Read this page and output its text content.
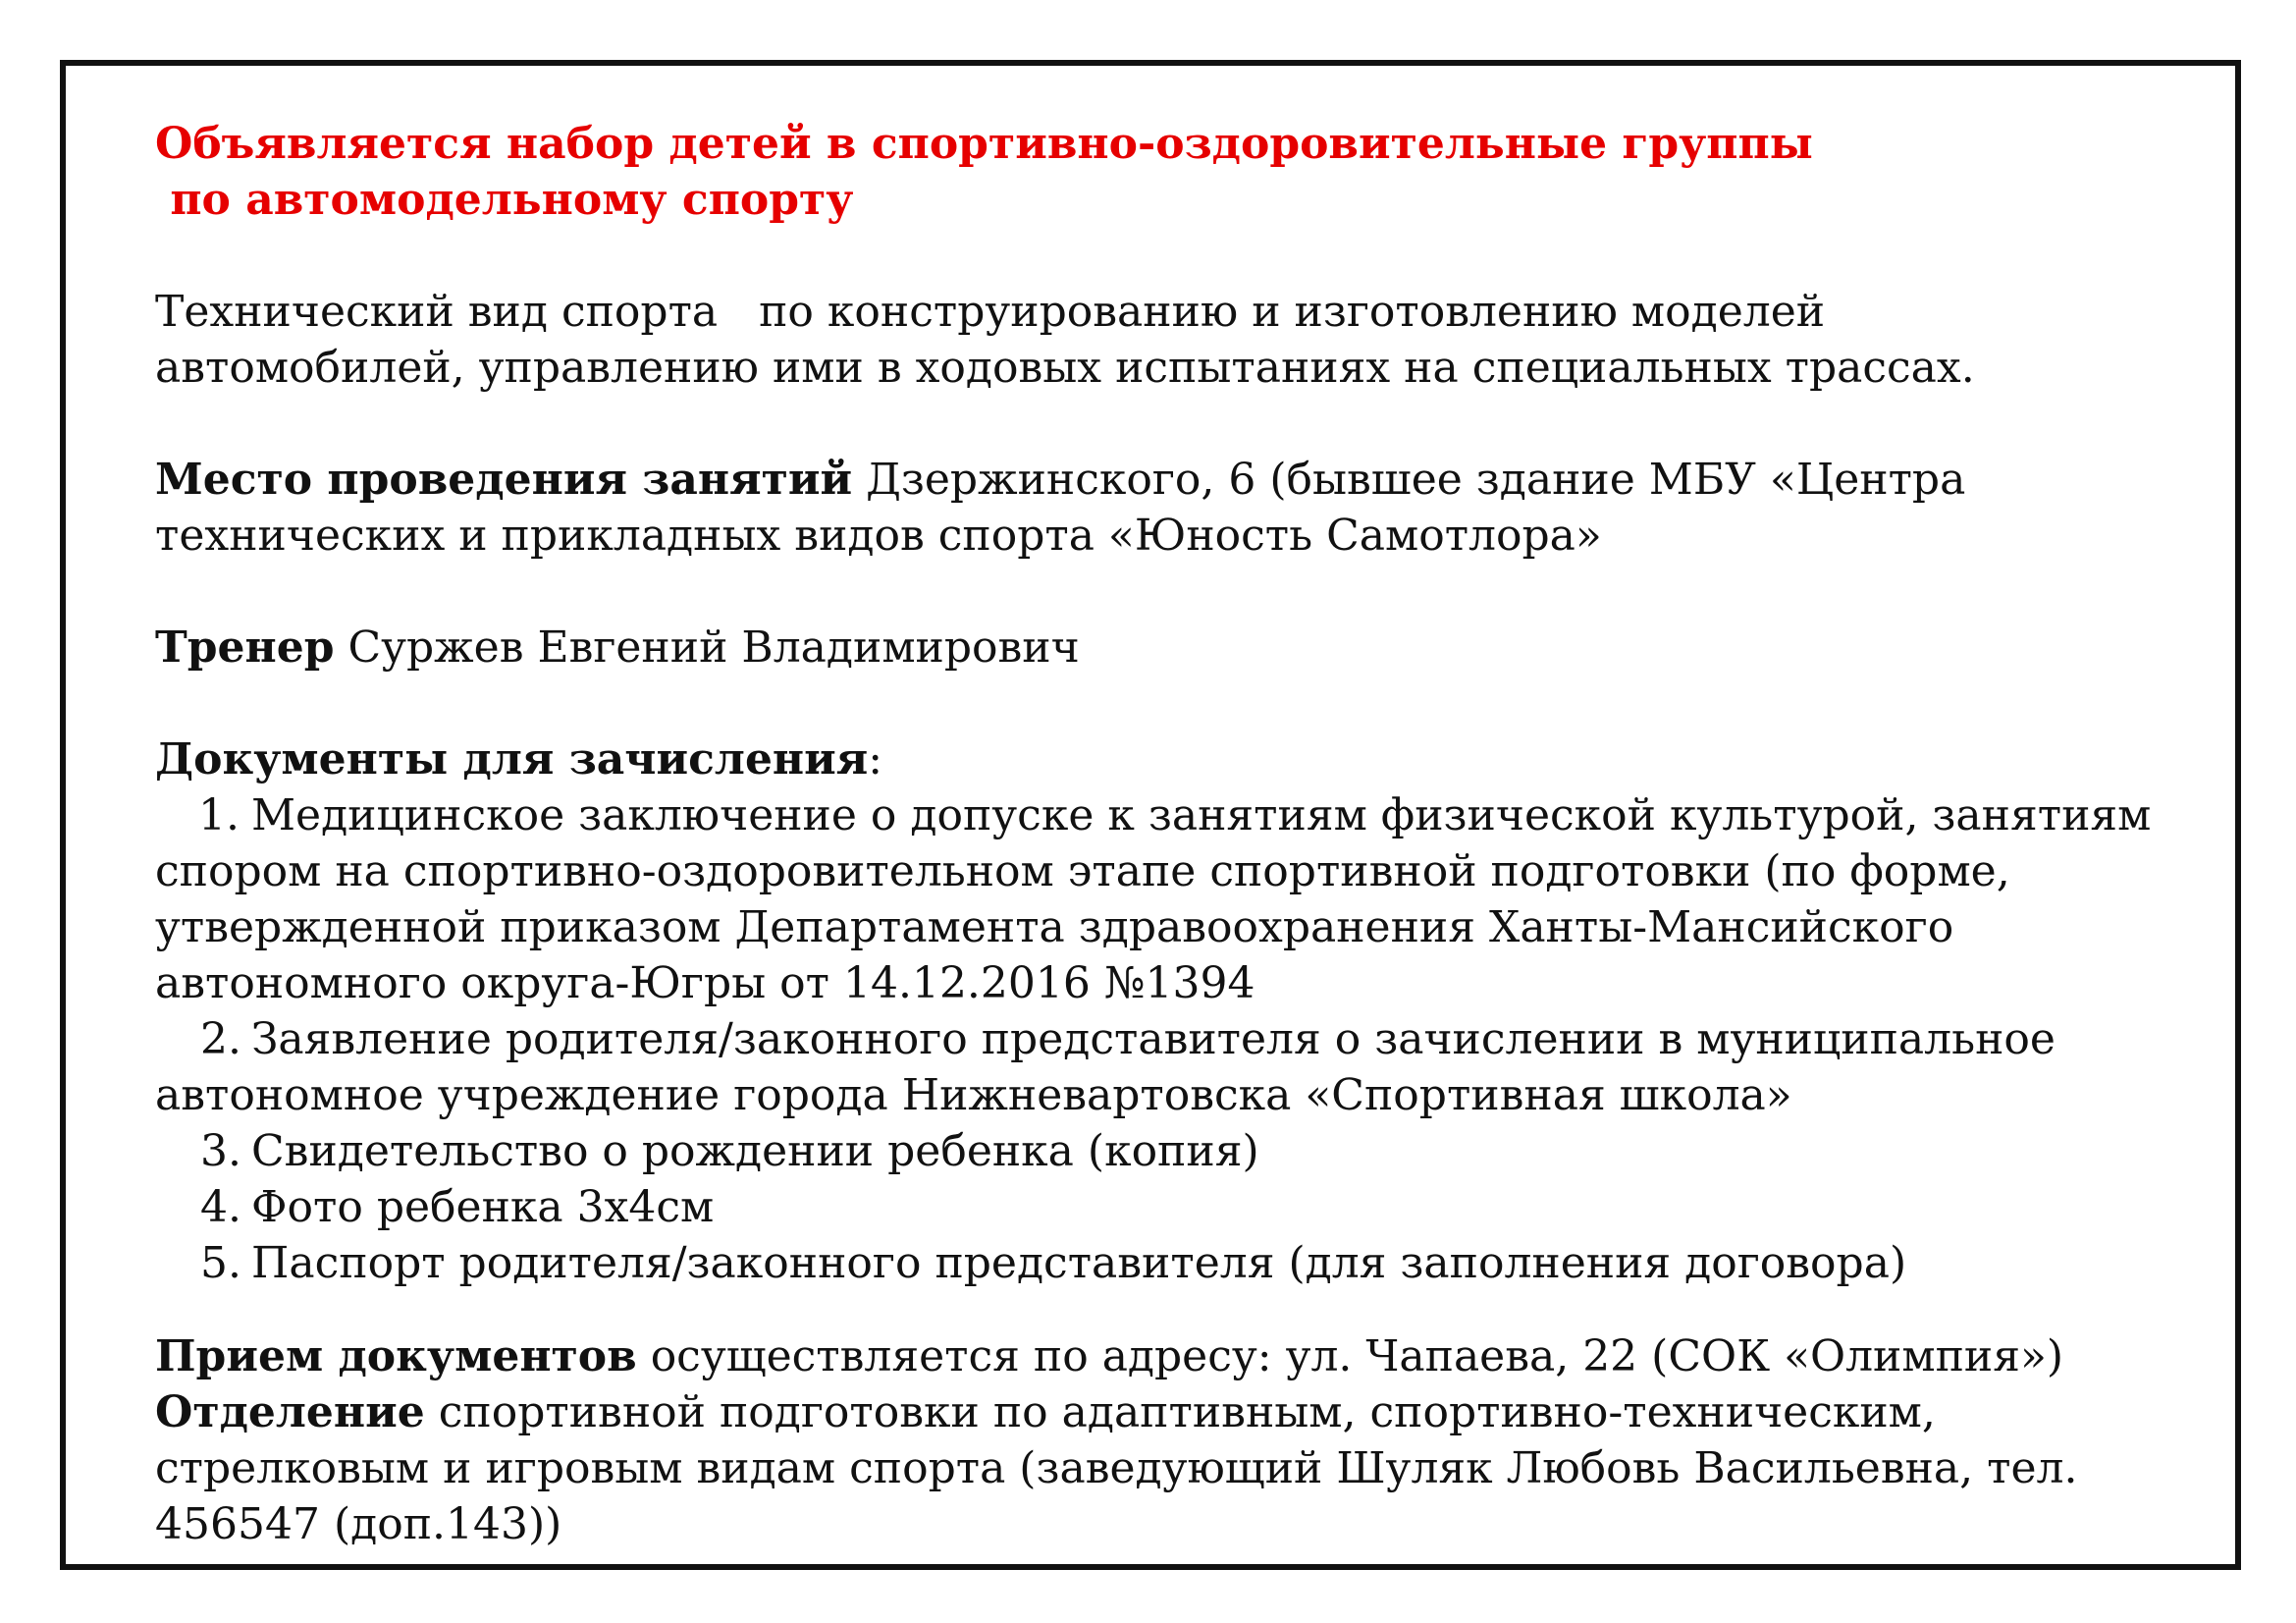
Объявляется набор детей в спортивно-оздоровительные группы
по автомодельному спорту
Технический вид спорта   по конструированию и изготовлению моделей
автомобилей, управлению ими в ходовых испытаниях на специальных трассах.
Место проведения занятий Дзержинского, 6 (бывшее здание МБУ «Центра
технических и прикладных видов спорта «Юность Самотлора»
Тренер Суржев Евгений Владимирович
Документы для зачисления:
1. Медицинское заключение о допуске к занятиям физической культурой, занятиям
спором на спортивно-оздоровительном этапе спортивной подготовки (по форме,
утвержденной приказом Департамента здравоохранения Ханты-Мансийского
автономного округа-Югры от 14.12.2016 №1394
2. Заявление родителя/законного представителя о зачислении в муниципальное
автономное учреждение города Нижневартовска «Спортивная школа»
3. Свидетельство о рождении ребенка (копия)
4. Фото ребенка 3х4см
5. Паспорт родителя/законного представителя (для заполнения договора)
Прием документов осуществляется по адресу: ул. Чапаева, 22 (СОК «Олимпия»)
Отделение спортивной подготовки по адаптивным, спортивно-техническим,
стрелковым и игровым видам спорта (заведующий Шуляк Любовь Васильевна, тел.
456547 (доп.143))
